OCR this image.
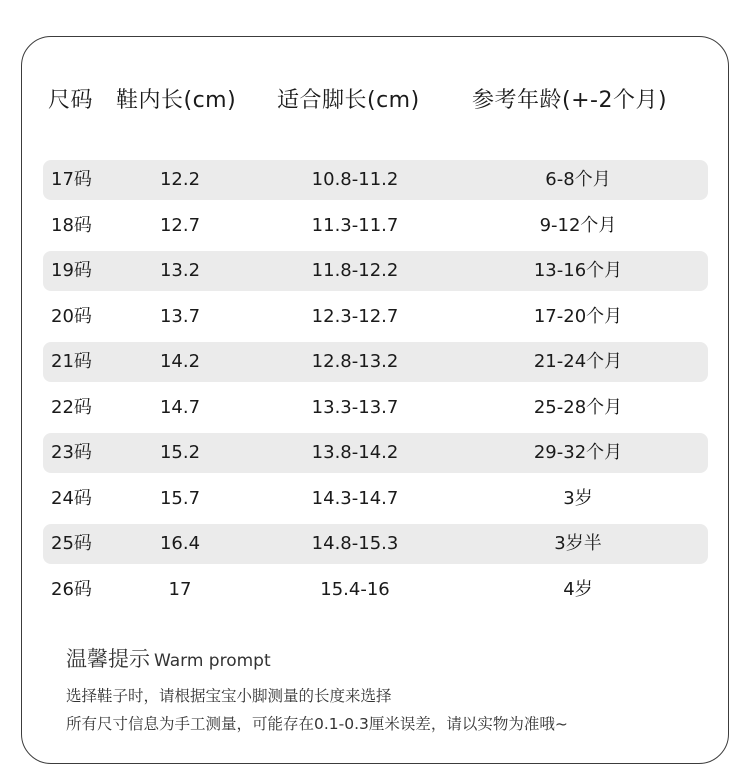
尺码 鞋内长(cm) 适合脚长(cm) 参考年龄(+-2个月)
17码	12.2	10.8-11.2	6-8个月
18码	12.7	11.3-11.7	9-12个月
19码	13.2	11.8-12.2	13-16个月
20码	13.7	12.3-12.7	17-20个月
21码	14.2	12.8-13.2	21-24个月
22码	14.7	13.3-13.7	25-28个月
23码	15.2	13.8-14.2	29-32个月
24码	15.7	14.3-14.7	3岁
25码	16.4	14.8-15.3	3岁半
26码	17	15.4-16	4岁
温馨提示 Warm prompt
选择鞋子时，请根据宝宝小脚测量的长度来选择
所有尺寸信息为手工测量，可能存在0.1-0.3厘米误差，请以实物为准哦~
